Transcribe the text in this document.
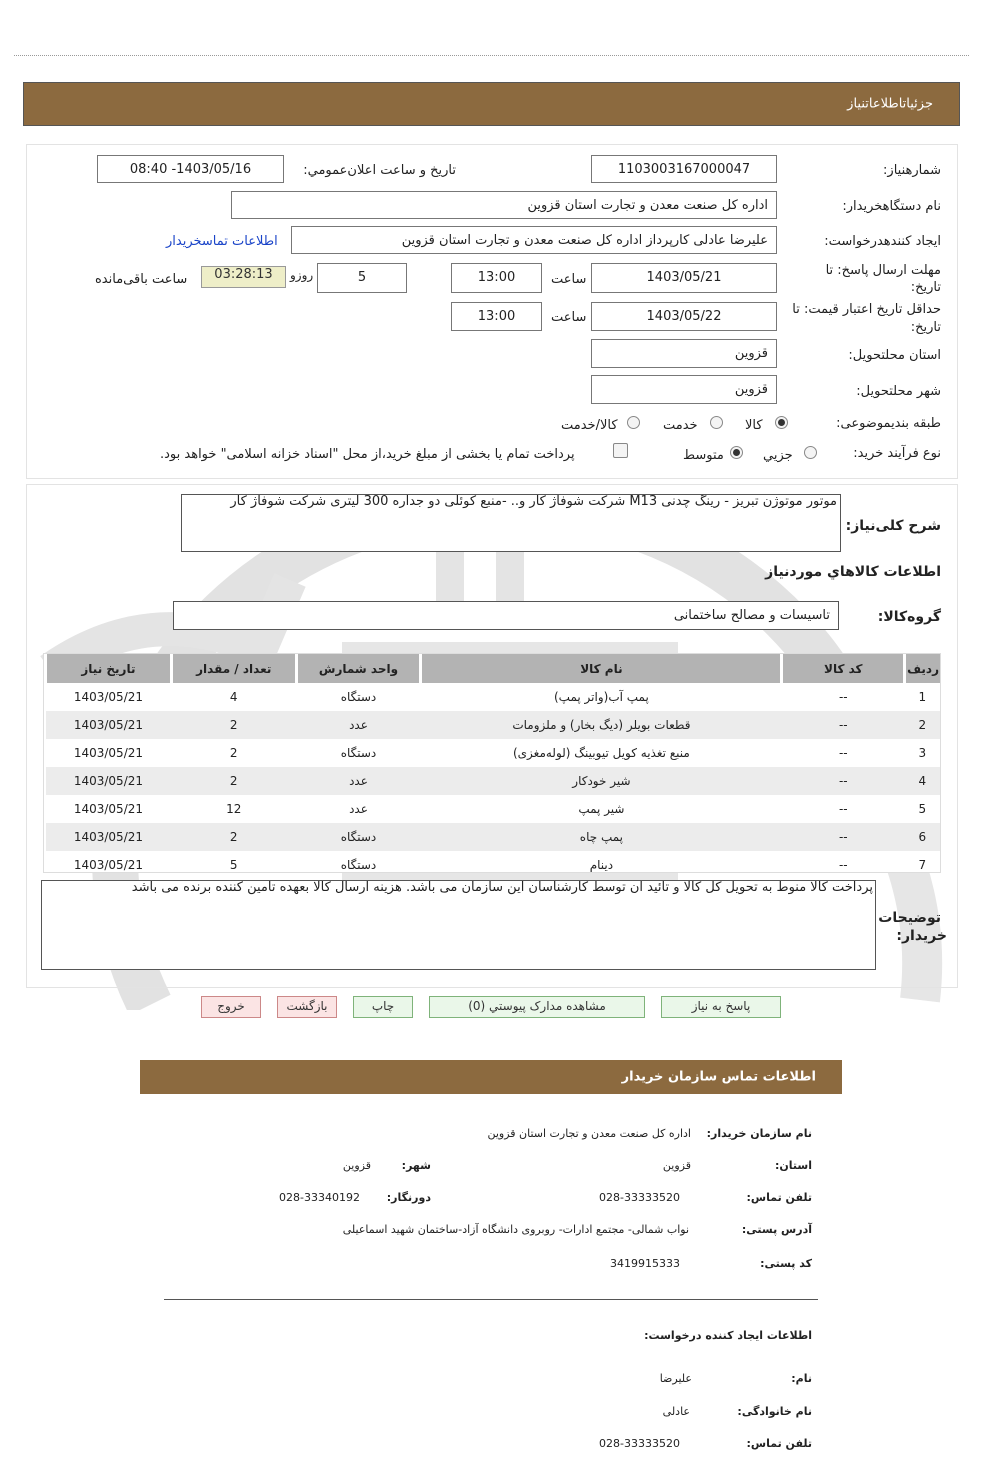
جزئیاتاطلاعاتنیاز
شمارهنیاز:
1103003167000047
تاریخ و ساعت اعلان‌عمومي:
1403/05/16- 08:40
نام دستگاهخریدار:
اداره کل صنعت معدن و تجارت استان قزوین
ایجاد کنندهدرخواست:
علیرضا عادلی کارپرداز اداره کل صنعت معدن و تجارت استان قزوین
اطلاعات تماسخریدار
مهلت ارسال پاسخ: تا
تاریخ:
1403/05/21
ساعت
13:00
5
روزو
03:28:13
ساعت باقی‌مانده
حداقل تاریخ اعتبار قیمت: تا
تاریخ:
1403/05/22
ساعت
13:00
استان محلتحویل:
قزوین
شهر محلتحویل:
قزوین
طبقه بندیموضوعی:
کالا
خدمت
کالا/خدمت
نوع فرآیند خرید:
جزیي
متوسط
پرداخت تمام یا بخشی از مبلغ خرید،از محل "اسناد خزانه اسلامی" خواهد بود.
شرح کلی‌نیاز:
موتور موتوژن تبریز - رینگ چدنی M13 شرکت شوفاژ کار و.. -منبع کوئلی دو جداره 300 لیتری شرکت شوفاژ کار
اطلاعات کالاهاي موردنیاز
گروه‌کالا:
تاسیسات و مصالح ساختمانی
ردیف	کد کالا	نام کالا	واحد شمارش	تعداد / مقدار	تاریخ نیاز
1	--	پمپ آب(واتر پمپ)	دستگاه	4	1403/05/21
2	--	قطعات بویلر (دیگ بخار) و ملزومات	عدد	2	1403/05/21
3	--	منبع تغذیه کویل تیوبینگ (لوله‌مغزی)	دستگاه	2	1403/05/21
4	--	شیر خودکار	عدد	2	1403/05/21
5	--	شیر پمپ	عدد	12	1403/05/21
6	--	پمپ چاه	دستگاه	2	1403/05/21
7	--	دینام	دستگاه	5	1403/05/21
توضیحات
خریدار:
پرداخت کالا منوط به تحویل کل کالا و تائید ان توسط کارشناسان این سازمان می باشد. هزینه ارسال کالا بعهده تامین کننده برنده می باشد
پاسخ به نیاز
مشاهده مدارک پیوستي (0)
چاپ
بازگشت
خروج
اطلاعات تماس سازمان خریدار
نام سازمان خریدار:
اداره کل صنعت معدن و تجارت استان قزوین
استان:
قزوین
شهر:
قزوین
تلفن تماس:
028-33333520
دورنگار:
028-33340192
آدرس پستی:
نواب شمالی- مجتمع ادارات- روبروی دانشگاه آزاد-ساختمان شهید اسماعیلی
کد پستی:
3419915333
اطلاعات ایجاد کننده درخواست:
نام:
علیرضا
نام خانوادگی:
عادلی
تلفن تماس:
028-33333520
